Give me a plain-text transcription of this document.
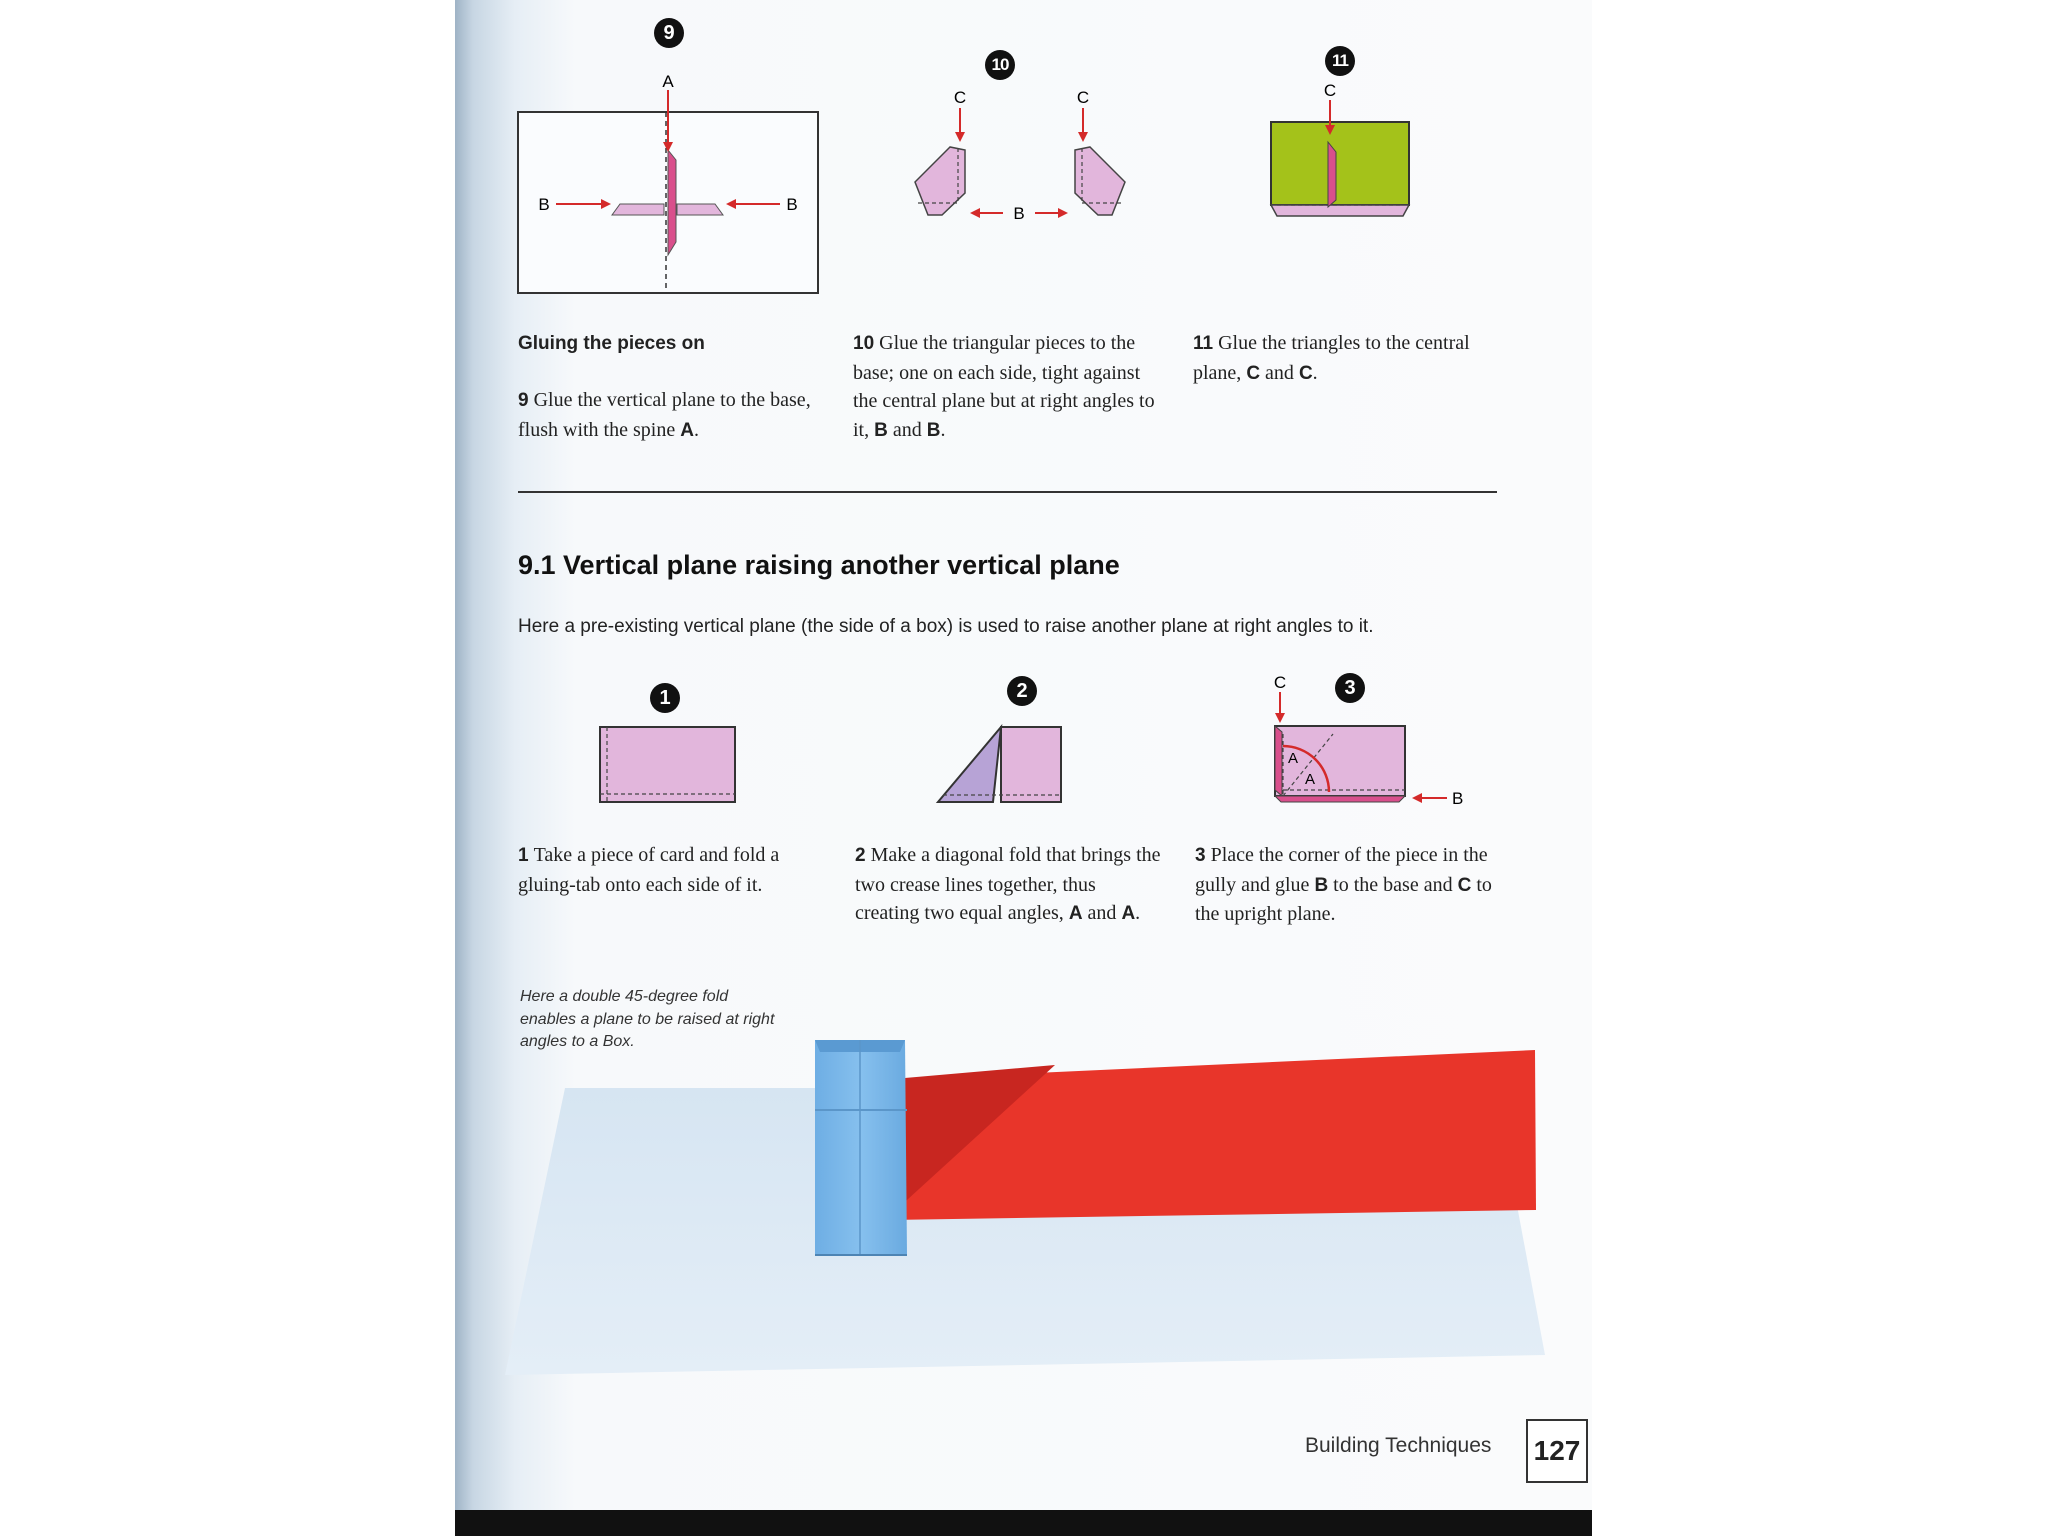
9
10	11
A
B	B
C	C
B
C
Gluing the pieces on
9 Glue the vertical plane to the base, flush with the spine A.
10 Glue the triangular pieces to the base; one on each side, tight against the central plane but at right angles to it, B and B.
11 Glue the triangles to the central plane, C and C.
9.1 Vertical plane raising another vertical plane
Here a pre-existing vertical plane (the side of a box) is used to raise another plane at right angles to it.
1	2	3
C
B
A
A
1 Take a piece of card and fold a gluing-tab onto each side of it.
2 Make a diagonal fold that brings the two crease lines together, thus creating two equal angles, A and A.
3 Place the corner of the piece in the gully and glue B to the base and C to the upright plane.
Here a double 45-degree fold enables a plane to be raised at right angles to a Box.
Building Techniques 127
